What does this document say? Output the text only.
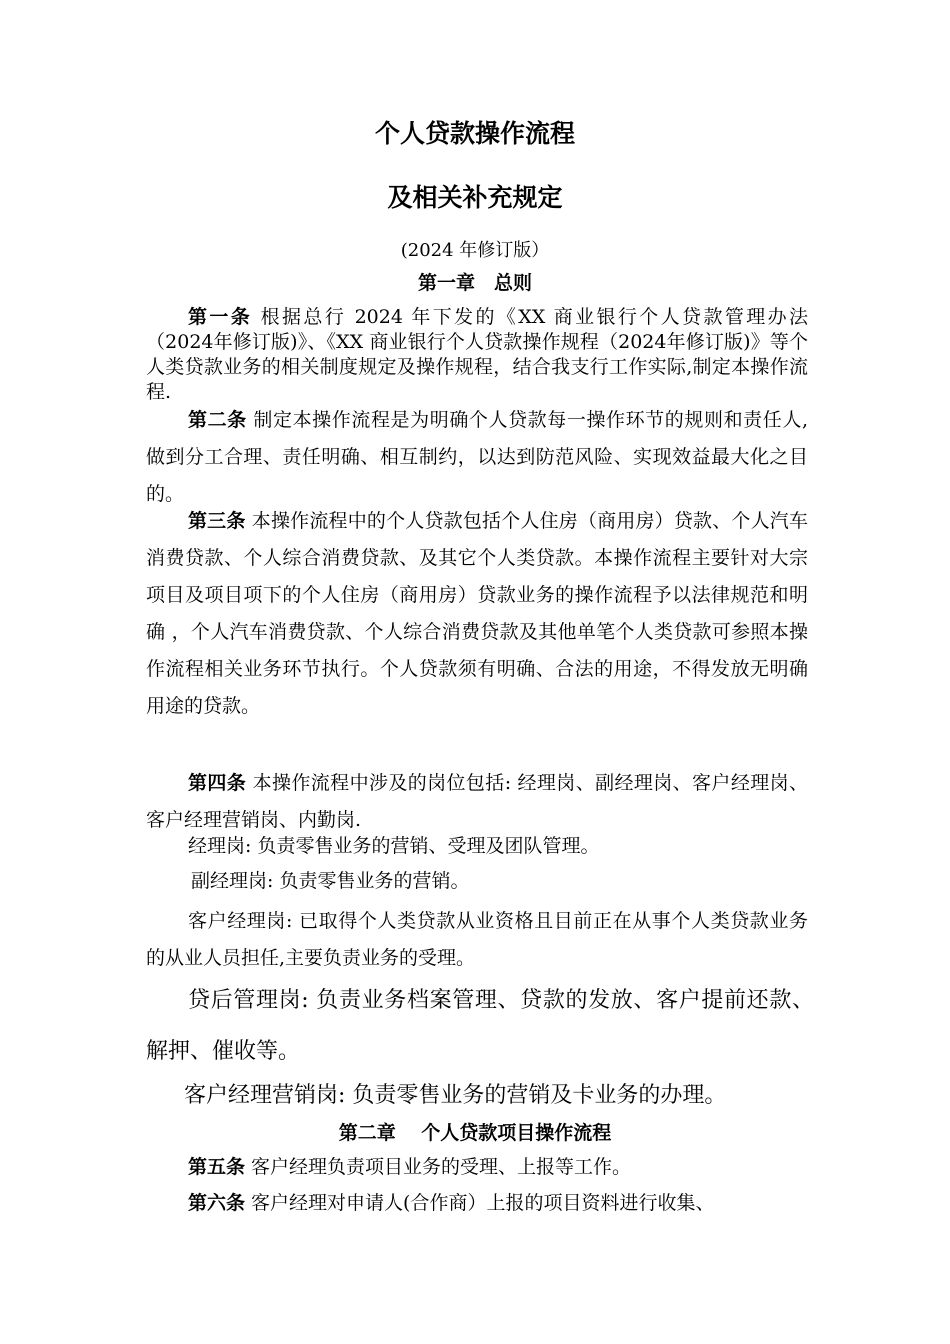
个人贷款操作流程
及相关补充规定
(2024 年修订版）
第一章　总则

第一条 根据总行 2024 年下发的《XX 商业银行个人贷款管理办法（2024年修订版)》、《XX 商业银行个人贷款操作规程（2024年修订版)》等个人类贷款业务的相关制度规定及操作规程，结合我支行工作实际,制定本操作流程.

第二条 制定本操作流程是为明确个人贷款每一操作环节的规则和责任人,做到分工合理、责任明确、相互制约，以达到防范风险、实现效益最大化之目的。

第三条 本操作流程中的个人贷款包括个人住房（商用房）贷款、个人汽车消费贷款、个人综合消费贷款、及其它个人类贷款。本操作流程主要针对大宗项目及项目项下的个人住房（商用房）贷款业务的操作流程予以法律规范和明确 ，个人汽车消费贷款、个人综合消费贷款及其他单笔个人类贷款可参照本操作流程相关业务环节执行。个人贷款须有明确、合法的用途，不得发放无明确用途的贷款。

第四条 本操作流程中涉及的岗位包括: 经理岗、副经理岗、客户经理岗、客户经理营销岗、内勤岗.

经理岗: 负责零售业务的营销、受理及团队管理。

副经理岗: 负责零售业务的营销。

客户经理岗: 已取得个人类贷款从业资格且目前正在从事个人类贷款业务的从业人员担任,主要负责业务的受理。

贷后管理岗: 负责业务档案管理、贷款的发放、客户提前还款、解押、催收等。

客户经理营销岗: 负责零售业务的营销及卡业务的办理。

第二章　 个人贷款项目操作流程

第五条 客户经理负责项目业务的受理、上报等工作。

第六条 客户经理对申请人(合作商）上报的项目资料进行收集、
